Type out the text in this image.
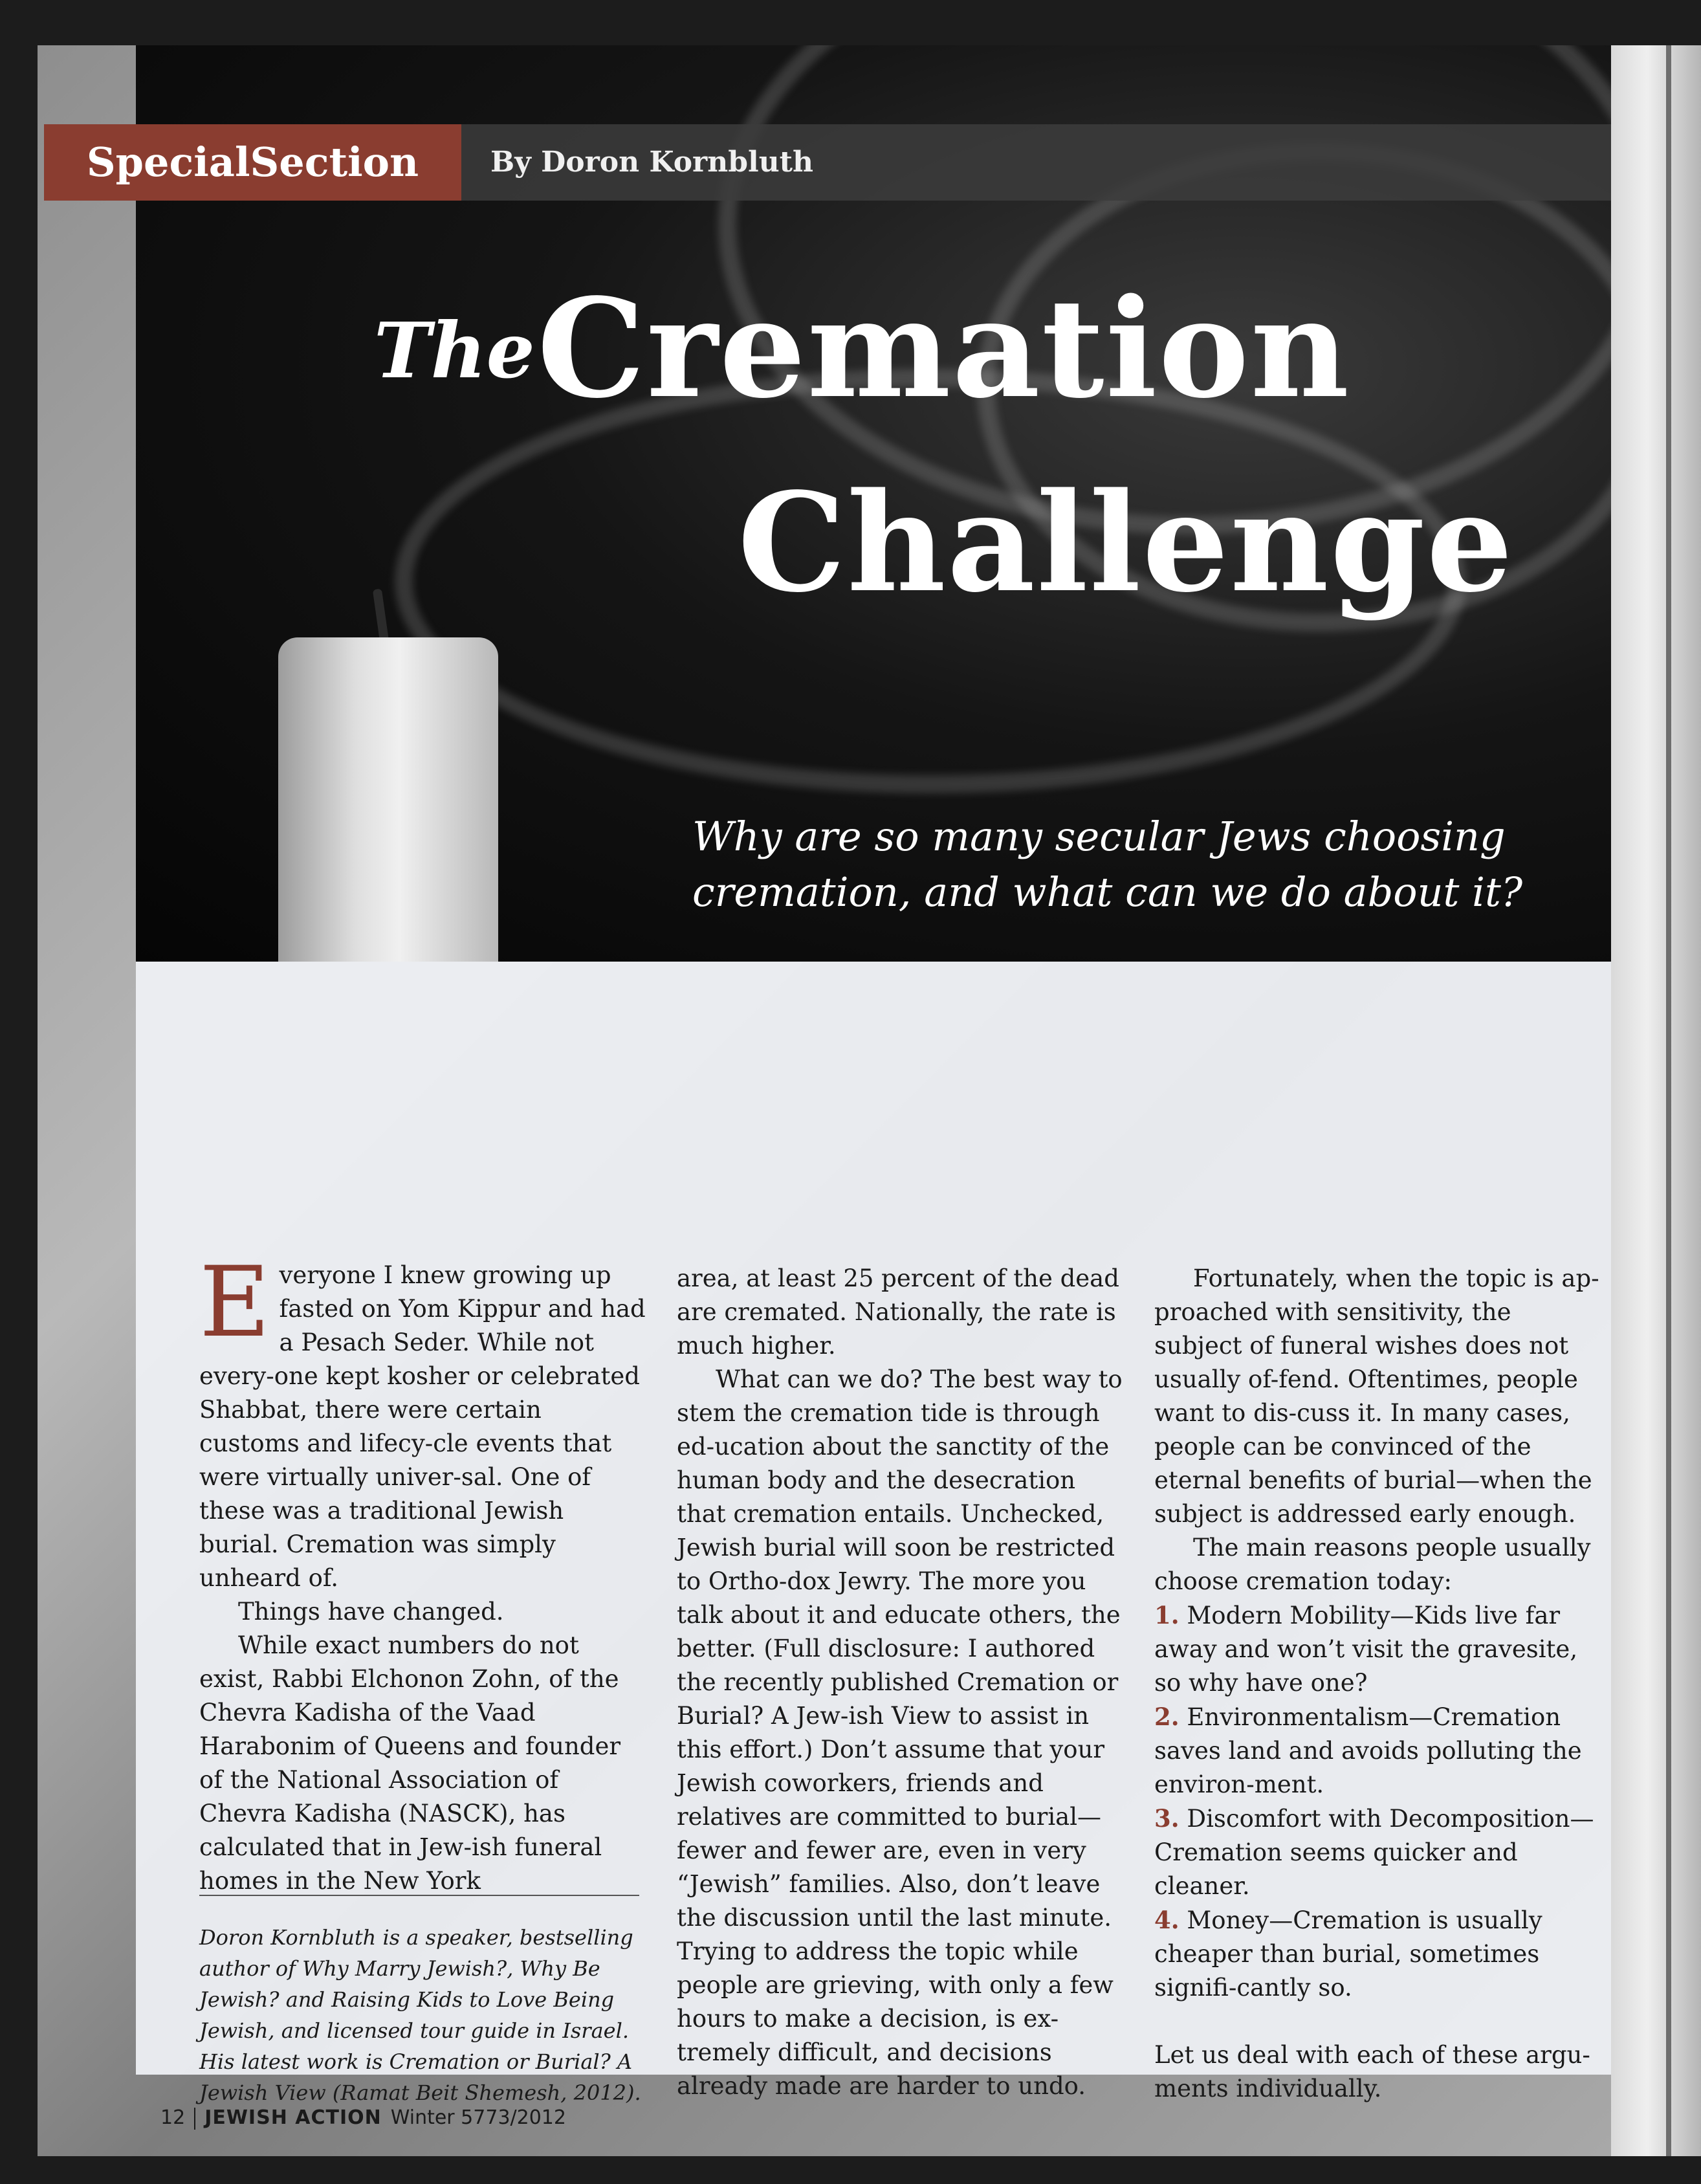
The Cremation
Challenge
Why are so many secular Jews choosing cremation, and what can we do about it?
SpecialSection	By Doron Kornbluth

Everyone I knew growing up fasted on Yom Kippur and had a Pesach Seder. While not every-one kept kosher or celebrated Shabbat, there were certain customs and lifecy-cle events that were virtually univer-sal. One of these was a traditional Jewish burial. Cremation was simply unheard of.

Things have changed.

While exact numbers do not exist, Rabbi Elchonon Zohn, of the Chevra Kadisha of the Vaad Harabonim of Queens and founder of the National Association of Chevra Kadisha (NASCK), has calculated that in Jew-ish funeral homes in the New York

Doron Kornbluth is a speaker, bestselling author of Why Marry Jewish?, Why Be Jewish? and Raising Kids to Love Being Jewish, and licensed tour guide in Israel. His latest work is Cremation or Burial? A Jewish View (Ramat Beit Shemesh, 2012).

area, at least 25 percent of the dead are cremated. Nationally, the rate is much higher.

What can we do? The best way to stem the cremation tide is through ed-ucation about the sanctity of the human body and the desecration that cremation entails. Unchecked, Jewish burial will soon be restricted to Ortho-dox Jewry. The more you talk about it and educate others, the better. (Full disclosure: I authored the recently published Cremation or Burial? A Jew-ish View to assist in this effort.) Don’t assume that your Jewish coworkers, friends and relatives are committed to burial—fewer and fewer are, even in very “Jewish” families. Also, don’t leave the discussion until the last minute. Trying to address the topic while people are grieving, with only a few hours to make a decision, is ex-tremely difficult, and decisions already made are harder to undo.

Fortunately, when the topic is ap-proached with sensitivity, the subject of funeral wishes does not usually of-fend. Oftentimes, people want to dis-cuss it. In many cases, people can be convinced of the eternal benefits of burial—when the subject is addressed early enough.

The main reasons people usually choose cremation today:

1. Modern Mobility—Kids live far away and won’t visit the gravesite, so why have one?

2. Environmentalism—Cremation saves land and avoids polluting the environ-ment.

3. Discomfort with Decomposition—Cremation seems quicker and cleaner.

4. Money—Cremation is usually cheaper than burial, sometimes signifi-cantly so.

Let us deal with each of these argu-ments individually.

12 JEWISH ACTION Winter 5773/2012
